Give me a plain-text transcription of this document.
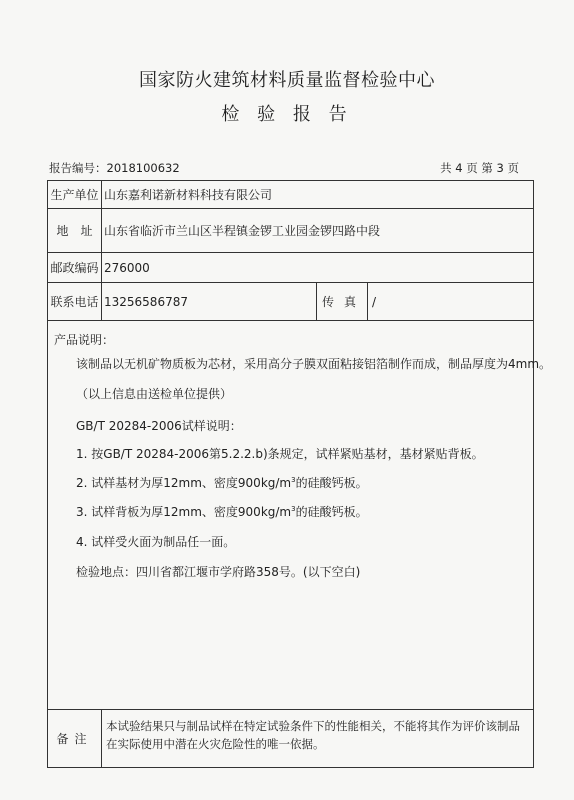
国家防火建筑材料质量监督检验中心
检 验 报 告
报告编号：2018100632	共 4 页 第 3 页
生产单位 山东嘉利诺新材料科技有限公司
地　址 山东省临沂市兰山区半程镇金锣工业园金锣四路中段
邮政编码 276000
联系电话 13256586787	传真 /
产品说明：
该制品以无机矿物质板为芯材，采用高分子膜双面粘接铝箔制作而成，制品厚度为4mm。
（以上信息由送检单位提供）
GB/T 20284-2006试样说明：
1. 按GB/T 20284-2006第5.2.2.b)条规定，试样紧贴基材，基材紧贴背板。
2. 试样基材为厚12mm、密度$900kg/m^3$的硅酸钙板。
3. 试样背板为厚12mm、密度$900kg/m^3$的硅酸钙板。
4. 试样受火面为制品任一面。
检验地点：四川省都江堰市学府路358号。(以下空白)
备注
本试验结果只与制品试样在特定试验条件下的性能相关，不能将其作为评价该制品在实际使用中潜在火灾危险性的唯一依据。
